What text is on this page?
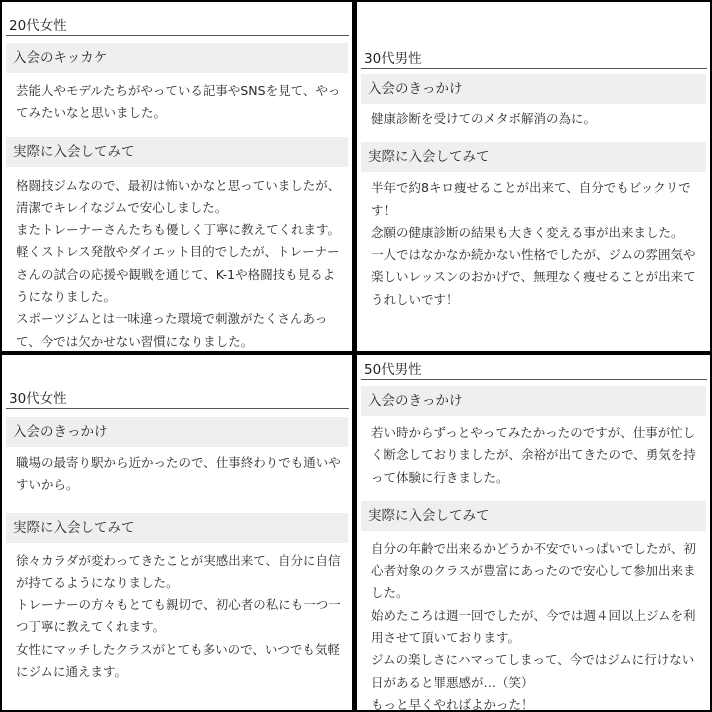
20代女性
入会のキッカケ

芸能人やモデルたちがやっている記事やSNSを見て、やってみたいなと思いました。

実際に入会してみて

格闘技ジムなので、最初は怖いかなと思っていましたが、清潔でキレイなジムで安心しました。

またトレーナーさんたちも優しく丁寧に教えてくれます。

軽くストレス発散やダイエット目的でしたが、トレーナーさんの試合の応援や観戦を通じて、K-1や格闘技も見るようになりました。

スポーツジムとは一味違った環境で刺激がたくさんあって、今では欠かせない習慣になりました。

30代男性
入会のきっかけ

健康診断を受けてのメタボ解消の為に。

実際に入会してみて

半年で約8キロ痩せることが出来て、自分でもビックリです！

念願の健康診断の結果も大きく変える事が出来ました。

一人ではなかなか続かない性格でしたが、ジムの雰囲気や楽しいレッスンのおかげで、無理なく痩せることが出来てうれしいです！

30代女性
入会のきっかけ

職場の最寄り駅から近かったので、仕事終わりでも通いやすいから。

実際に入会してみて

徐々カラダが変わってきたことが実感出来て、自分に自信が持てるようになりました。

トレーナーの方々もとても親切で、初心者の私にも一つ一つ丁寧に教えてくれます。

女性にマッチしたクラスがとても多いので、いつでも気軽にジムに通えます。

50代男性
入会のきっかけ

若い時からずっとやってみたかったのですが、仕事が忙しく断念しておりましたが、余裕が出てきたので、勇気を持って体験に行きました。

実際に入会してみて

自分の年齢で出来るかどうか不安でいっぱいでしたが、初心者対象のクラスが豊富にあったので安心して参加出来ました。

始めたころは週一回でしたが、今では週４回以上ジムを利用させて頂いております。

ジムの楽しさにハマってしまって、今ではジムに行けない日があると罪悪感が…（笑）

もっと早くやればよかった！
